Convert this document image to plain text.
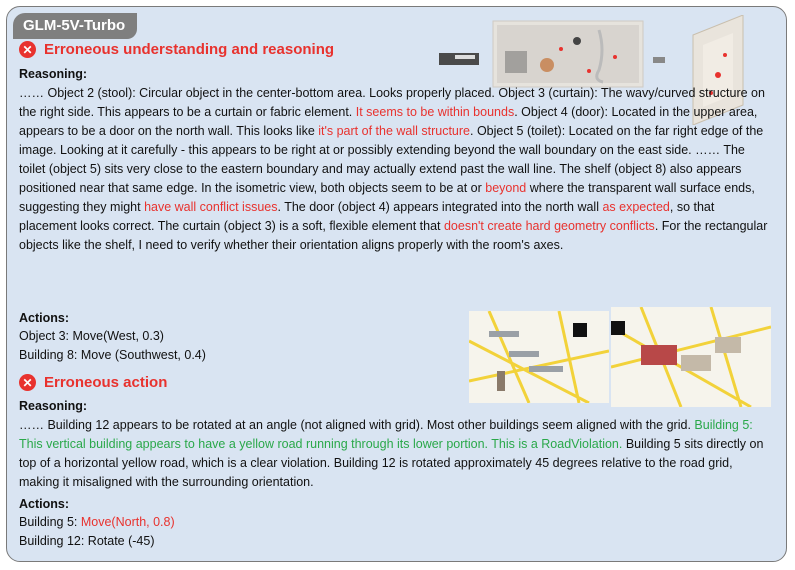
GLM-5V-Turbo
✕ Erroneous understanding and reasoning
Reasoning:
…… Object 2 (stool): Circular object in the center-bottom area. Looks properly placed. Object 3 (curtain): The wavy/curved structure on the right side. This appears to be a curtain or fabric element. It seems to be within bounds. Object 4 (door): Located in the upper area, appears to be a door on the north wall. This looks like it's part of the wall structure. Object 5 (toilet): Located on the far right edge of the image. Looking at it carefully - this appears to be right at or possibly extending beyond the wall boundary on the east side. …… The toilet (object 5) sits very close to the eastern boundary and may actually extend past the wall line. The shelf (object 8) also appears positioned near that same edge. In the isometric view, both objects seem to be at or beyond where the transparent wall surface ends, suggesting they might have wall conflict issues. The door (object 4) appears integrated into the north wall as expected, so that placement looks correct. The curtain (object 3) is a soft, flexible element that doesn't create hard geometry conflicts. For the rectangular objects like the shelf, I need to verify whether their orientation aligns properly with the room's axes.
Actions:
Object 3: Move(West, 0.3)
Building 8: Move (Southwest, 0.4)
✕ Erroneous action
Reasoning:
…… Building 12 appears to be rotated at an angle (not aligned with grid). Most other buildings seem aligned with the grid. Building 5: This vertical building appears to have a yellow road running through its lower portion. This is a RoadViolation. Building 5 sits directly on top of a horizontal yellow road, which is a clear violation. Building 12 is rotated approximately 45 degrees relative to the road grid, making it misaligned with the surrounding orientation.
Actions:
Building 5: Move(North, 0.8)
Building 12: Rotate (-45)
